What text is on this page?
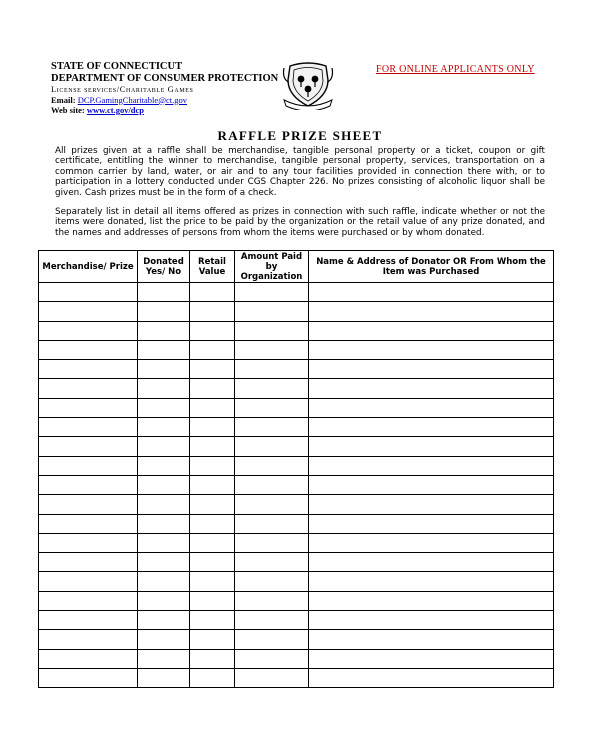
STATE OF CONNECTICUT
DEPARTMENT OF CONSUMER PROTECTION
License services/Charitable Games
Email: DCP.GamingCharitable@ct.gov
Web site: www.ct.gov/dcp
FOR ONLINE APPLICANTS ONLY
RAFFLE PRIZE SHEET

All prizes given at a raffle shall be merchandise, tangible personal property or a ticket, coupon or gift certificate, entitling the winner to merchandise, tangible personal property, services, transportation on a common carrier by land, water, or air and to any tour facilities provided in connection there with, or to participation in a lottery conducted under CGS Chapter 226. No prizes consisting of alcoholic liquor shall be given. Cash prizes must be in the form of a check.

Separately list in detail all items offered as prizes in connection with such raffle, indicate whether or not the items were donated, list the price to be paid by the organization or the retail value of any prize donated, and the names and addresses of persons from whom the items were purchased or by whom donated.

Merchandise/ Prize	Donated Yes/ No	Retail Value	Amount Paid by Organization	Name & Address of Donator OR From Whom the Item was Purchased
